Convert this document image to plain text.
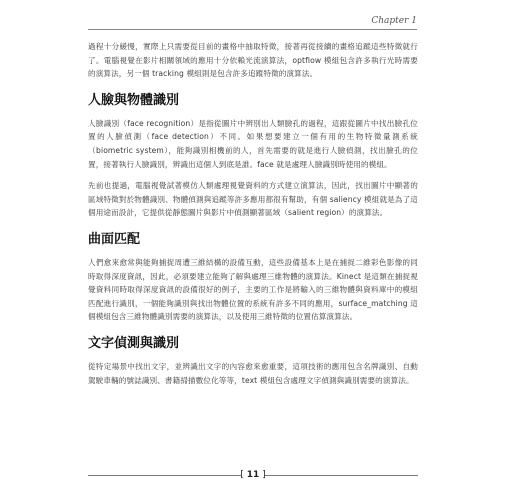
Chapter 1

過程十分緩慢，實際上只需要從目前的畫格中抽取特徵，接著再從接續的畫格追蹤這些特徵就行了。電腦視覺在影片相關領域的應用十分依賴光流演算法，optflow 模組包含許多執行光時需要的演算法，另一個 tracking 模組則是包含許多追蹤特徵的演算法。

人臉與物體識別

人臉識別（face recognition）是指從圖片中辨別出人類臉孔的過程，這跟從圖片中找出臉孔位置的人臉偵測（face detection）不同。如果想要建立一個有用的生物特徵量測系統（biometric system），能夠識別相機前的人，首先需要的就是進行人臉偵測，找出臉孔的位置，接著執行人臉識別，辨識出這個人到底是誰。face 就是處理人臉識別時使用的模組。

先前也提過，電腦視覺試著模仿人類處理視覺資料的方式建立演算法，因此，找出圖片中顯著的區域特徵對於物體識別、物體偵測與追蹤等許多應用都很有幫助，有個 saliency 模組就是為了這個用途而設計，它提供從靜態圖片與影片中偵測顯著區域（salient region）的演算法。

曲面匹配

人們愈來愈常與能夠捕捉周遭三維結構的設備互動，這些設備基本上是在捕捉二維彩色影像的同時取得深度資訊，因此，必須要建立能夠了解與處理三維物體的演算法。Kinect 是這類在捕捉視覺資料同時取得深度資訊的設備很好的例子，主要的工作是將輸入的三維物體與資料庫中的模組匹配進行識別，一個能夠識別與找出物體位置的系統有許多不同的應用，surface_matching 這個模組包含三維物體識別需要的演算法，以及使用三維特徵的位置估算演算法。

文字偵測與識別

從特定場景中找出文字，並辨識出文字的內容愈來愈重要，這項技術的應用包含名牌識別、自動駕駛車輛的號誌識別、書籍掃描數位化等等，text 模組包含處理文字偵測與識別需要的演算法。

[ 11 ]
